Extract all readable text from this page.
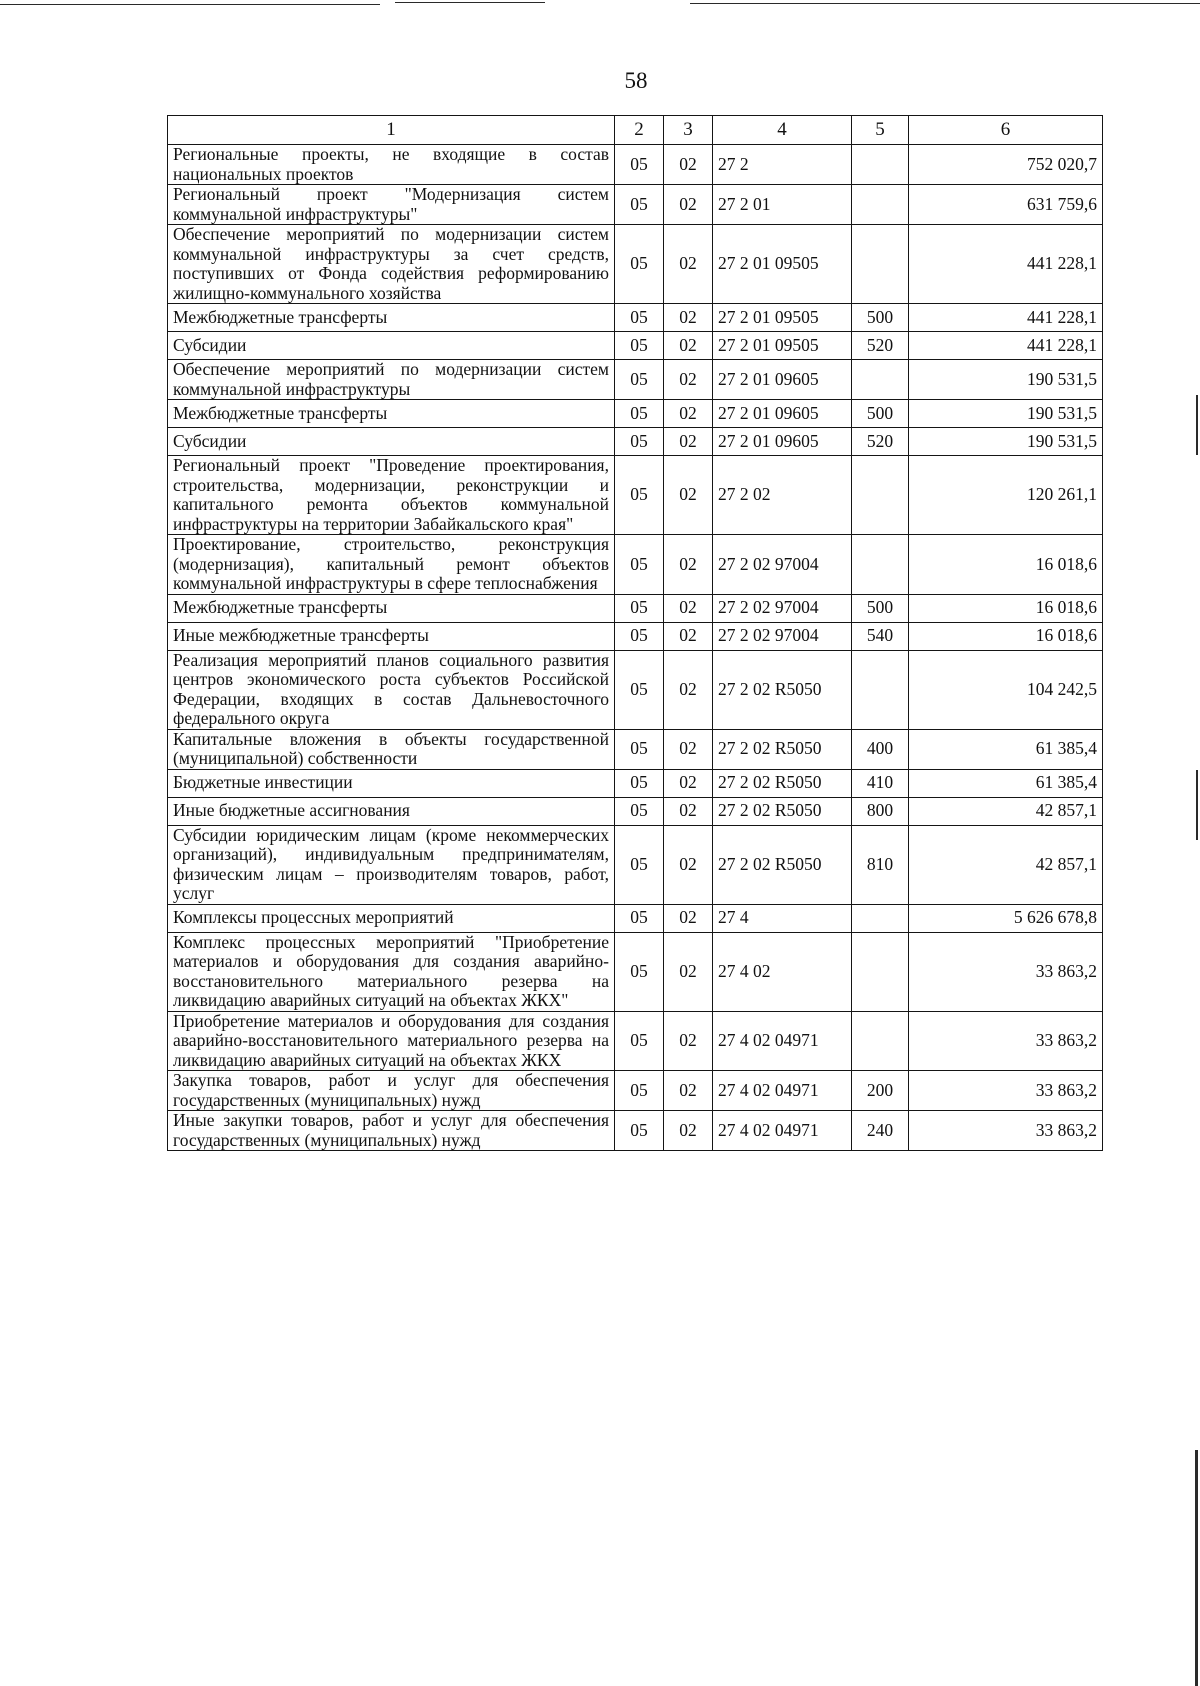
58
1	2	3	4	5	6
Региональные проекты, не входящие в состав национальных проектов	05	02	27 2		752 020,7
Региональный проект "Модернизация систем коммунальной инфраструктуры"	05	02	27 2 01		631 759,6
Обеспечение мероприятий по модернизации систем коммунальной инфраструктуры за счет средств, поступивших от Фонда содействия реформированию жилищно-коммунального хозяйства	05	02	27 2 01 09505		441 228,1
Межбюджетные трансферты	05	02	27 2 01 09505	500	441 228,1
Субсидии	05	02	27 2 01 09505	520	441 228,1
Обеспечение мероприятий по модернизации систем коммунальной инфраструктуры	05	02	27 2 01 09605		190 531,5
Межбюджетные трансферты	05	02	27 2 01 09605	500	190 531,5
Субсидии	05	02	27 2 01 09605	520	190 531,5
Региональный проект "Проведение проектирования, строительства, модернизации, реконструкции и капитального ремонта объектов коммунальной инфраструктуры на территории Забайкальского края"	05	02	27 2 02		120 261,1
Проектирование, строительство, реконструкция (модернизация), капитальный ремонт объектов коммунальной инфраструктуры в сфере теплоснабжения	05	02	27 2 02 97004		16 018,6
Межбюджетные трансферты	05	02	27 2 02 97004	500	16 018,6
Иные межбюджетные трансферты	05	02	27 2 02 97004	540	16 018,6
Реализация мероприятий планов социального развития центров экономического роста субъектов Российской Федерации, входящих в состав Дальневосточного федерального округа	05	02	27 2 02 R5050		104 242,5
Капитальные вложения в объекты государственной (муниципальной) собственности	05	02	27 2 02 R5050	400	61 385,4
Бюджетные инвестиции	05	02	27 2 02 R5050	410	61 385,4
Иные бюджетные ассигнования	05	02	27 2 02 R5050	800	42 857,1
Субсидии юридическим лицам (кроме некоммерческих организаций), индивидуальным предпринимателям, физическим лицам – производителям товаров, работ, услуг	05	02	27 2 02 R5050	810	42 857,1
Комплексы процессных мероприятий	05	02	27 4		5 626 678,8
Комплекс процессных мероприятий "Приобретение материалов и оборудования для создания аварийно-восстановительного материального резерва на ликвидацию аварийных ситуаций на объектах ЖКХ"	05	02	27 4 02		33 863,2
Приобретение материалов и оборудования для создания аварийно-восстановительного материального резерва на ликвидацию аварийных ситуаций на объектах ЖКХ	05	02	27 4 02 04971		33 863,2
Закупка товаров, работ и услуг для обеспечения государственных (муниципальных) нужд	05	02	27 4 02 04971	200	33 863,2
Иные закупки товаров, работ и услуг для обеспечения государственных (муниципальных) нужд	05	02	27 4 02 04971	240	33 863,2
